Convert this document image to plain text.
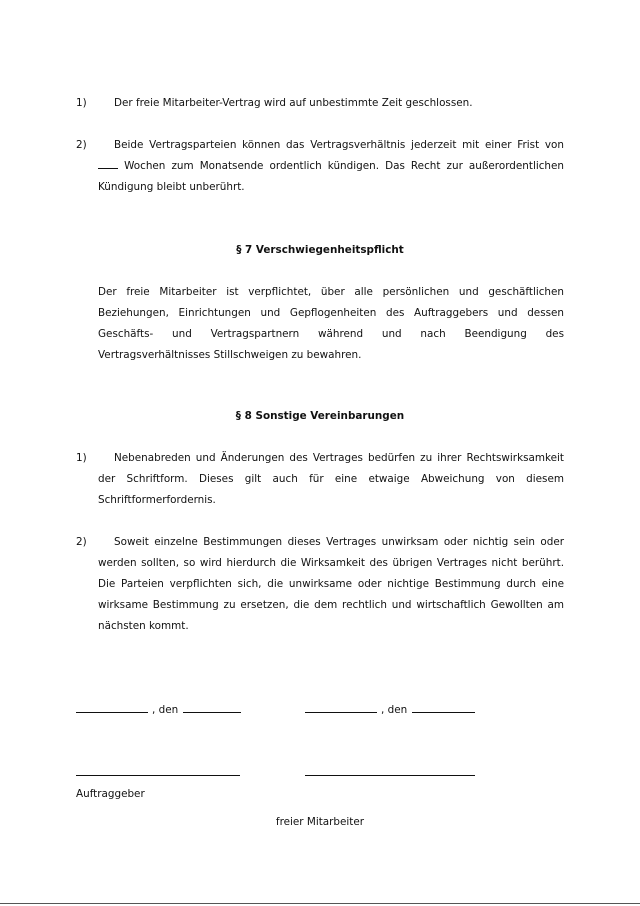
1)	Der freie Mitarbeiter-Vertrag wird auf unbestimmte Zeit geschlossen.
2)	Beide Vertragsparteien können das Vertragsverhältnis jederzeit mit einer Frist von  Wochen zum Monatsende ordentlich kündigen. Das Recht zur außerordentlichen Kündigung bleibt unberührt.
§ 7 Verschwiegenheitspflicht
Der freie Mitarbeiter ist verpflichtet, über alle persönlichen und geschäftlichen Beziehungen, Einrichtungen und Gepflogenheiten des Auftraggebers und dessen Geschäfts- und Vertragspartnern während und nach Beendigung des Vertragsverhältnisses Stillschweigen zu bewahren.
§ 8 Sonstige Vereinbarungen
1)	Nebenabreden und Änderungen des Vertrages bedürfen zu ihrer Rechtswirksamkeit der Schriftform. Dieses gilt auch für eine etwaige Abweichung von diesem Schriftformerfordernis.
2)	Soweit einzelne Bestimmungen dieses Vertrages unwirksam oder nichtig sein oder werden sollten, so wird hierdurch die Wirksamkeit des übrigen Vertrages nicht berührt. Die Parteien verpflichten sich, die unwirksame oder nichtige Bestimmung durch eine wirksame Bestimmung zu ersetzen, die dem rechtlich und wirtschaftlich Gewollten am nächsten kommt.
, den	, den
Auftraggeber
freier Mitarbeiter
